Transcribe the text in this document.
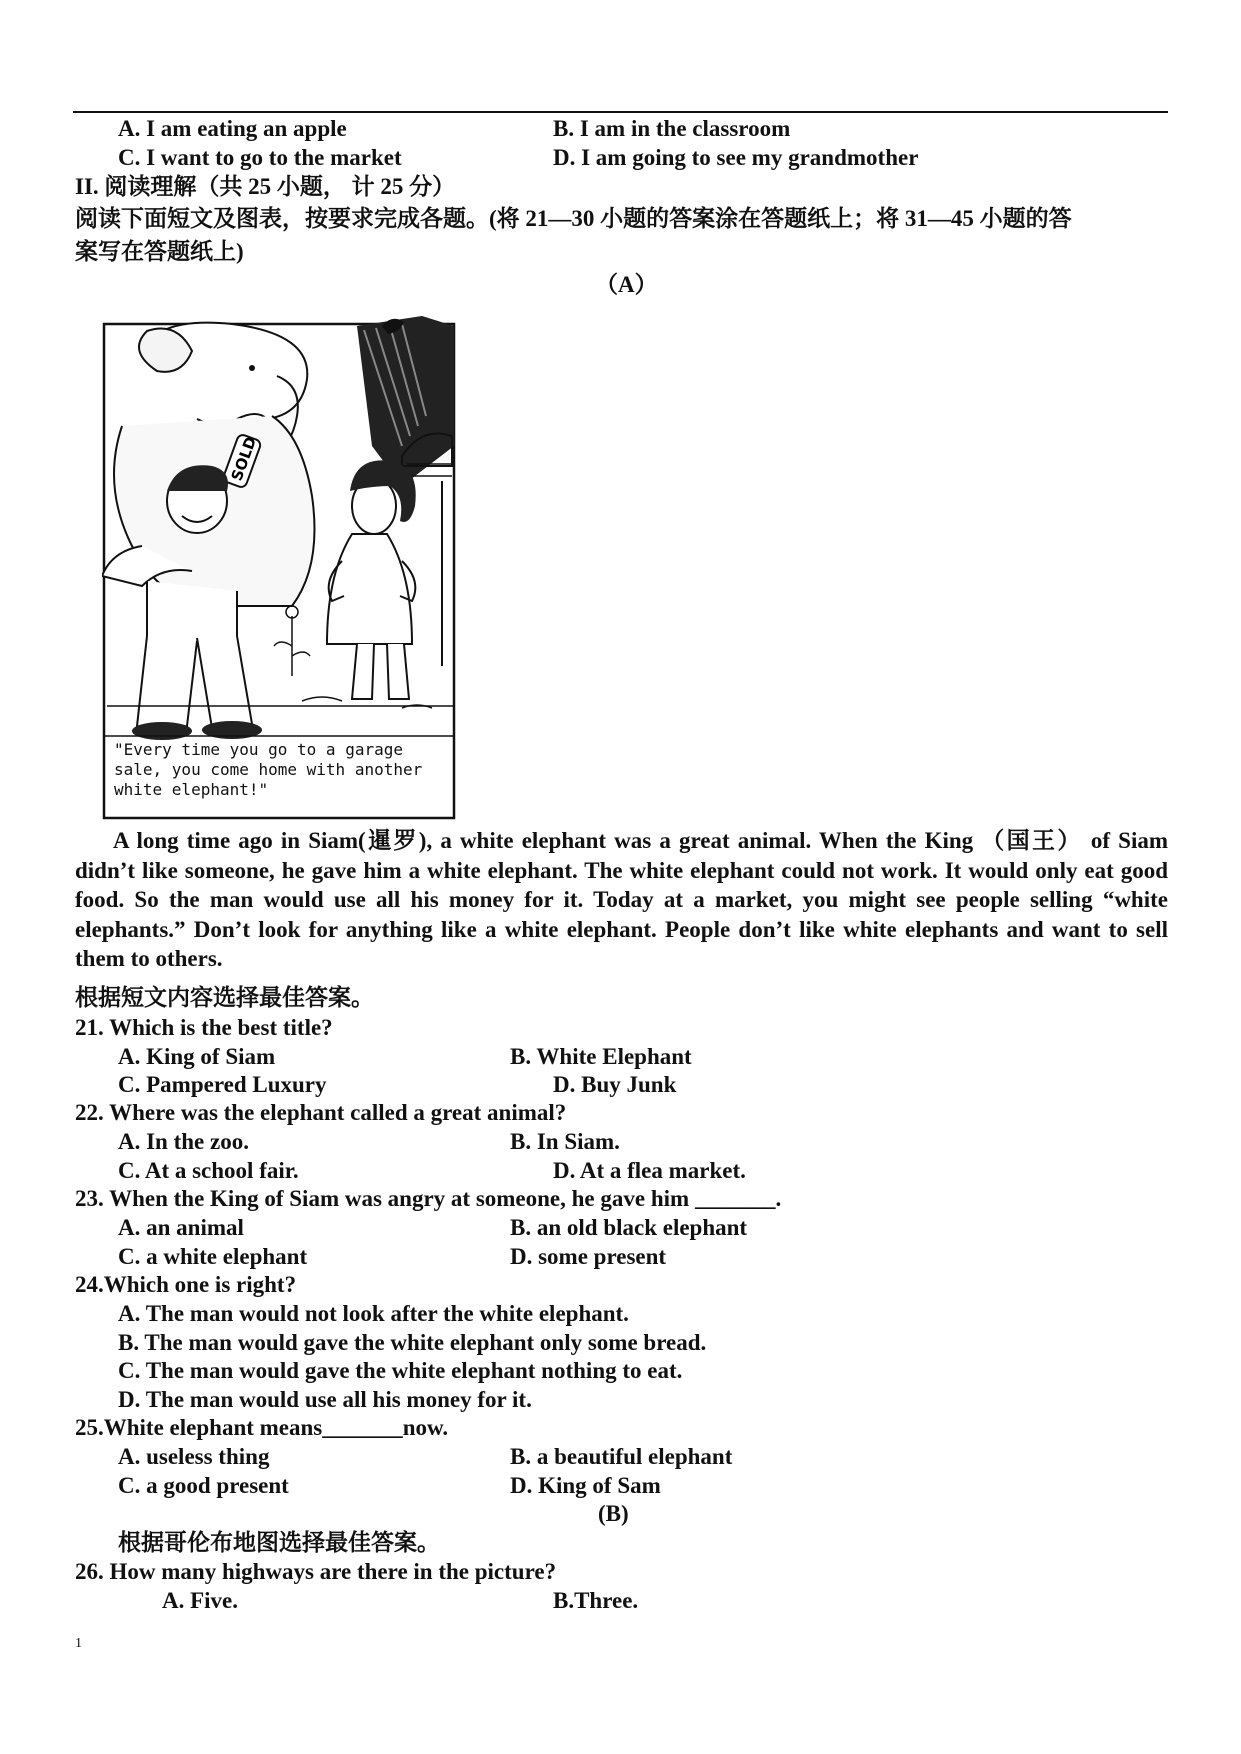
A. I am eating an apple	B. I am in the classroom
C. I want to go to the market	D. I am going to see my grandmother
II. 阅读理解（共 25 小题， 计 25 分）
阅读下面短文及图表，按要求完成各题。(将 21—30 小题的答案涂在答题纸上；将 31—45 小题的答
案写在答题纸上)
（A）
SOLD
"Every time you go to a garage
sale, you come home with another
white elephant!"
A long time ago in Siam(暹罗), a white elephant was a great animal. When the King （国王） of Siam didn’t like someone, he gave him a white elephant. The white elephant could not work. It would only eat good food. So the man would use all his money for it. Today at a market, you might see people selling “white elephants.” Don’t look for anything like a white elephant. People don’t like white elephants and want to sell them to others.
根据短文内容选择最佳答案。
21. Which is the best title?
A. King of Siam	B. White Elephant
C. Pampered Luxury	D. Buy Junk
22. Where was the elephant called a great animal?
A. In the zoo.	B. In Siam.
C. At a school fair.	D. At a flea market.
23. When the King of Siam was angry at someone, he gave him _______.
A. an animal	B. an old black elephant
C. a white elephant	D. some present
24.Which one is right?
A. The man would not look after the white elephant.
B. The man would gave the white elephant only some bread.
C. The man would gave the white elephant nothing to eat.
D. The man would use all his money for it.
25.White elephant means_______now.
A. useless thing	B. a beautiful elephant
C. a good present	D. King of Sam
(B)
根据哥伦布地图选择最佳答案。
26. How many highways are there in the picture?
A. Five.	B.Three.
1
